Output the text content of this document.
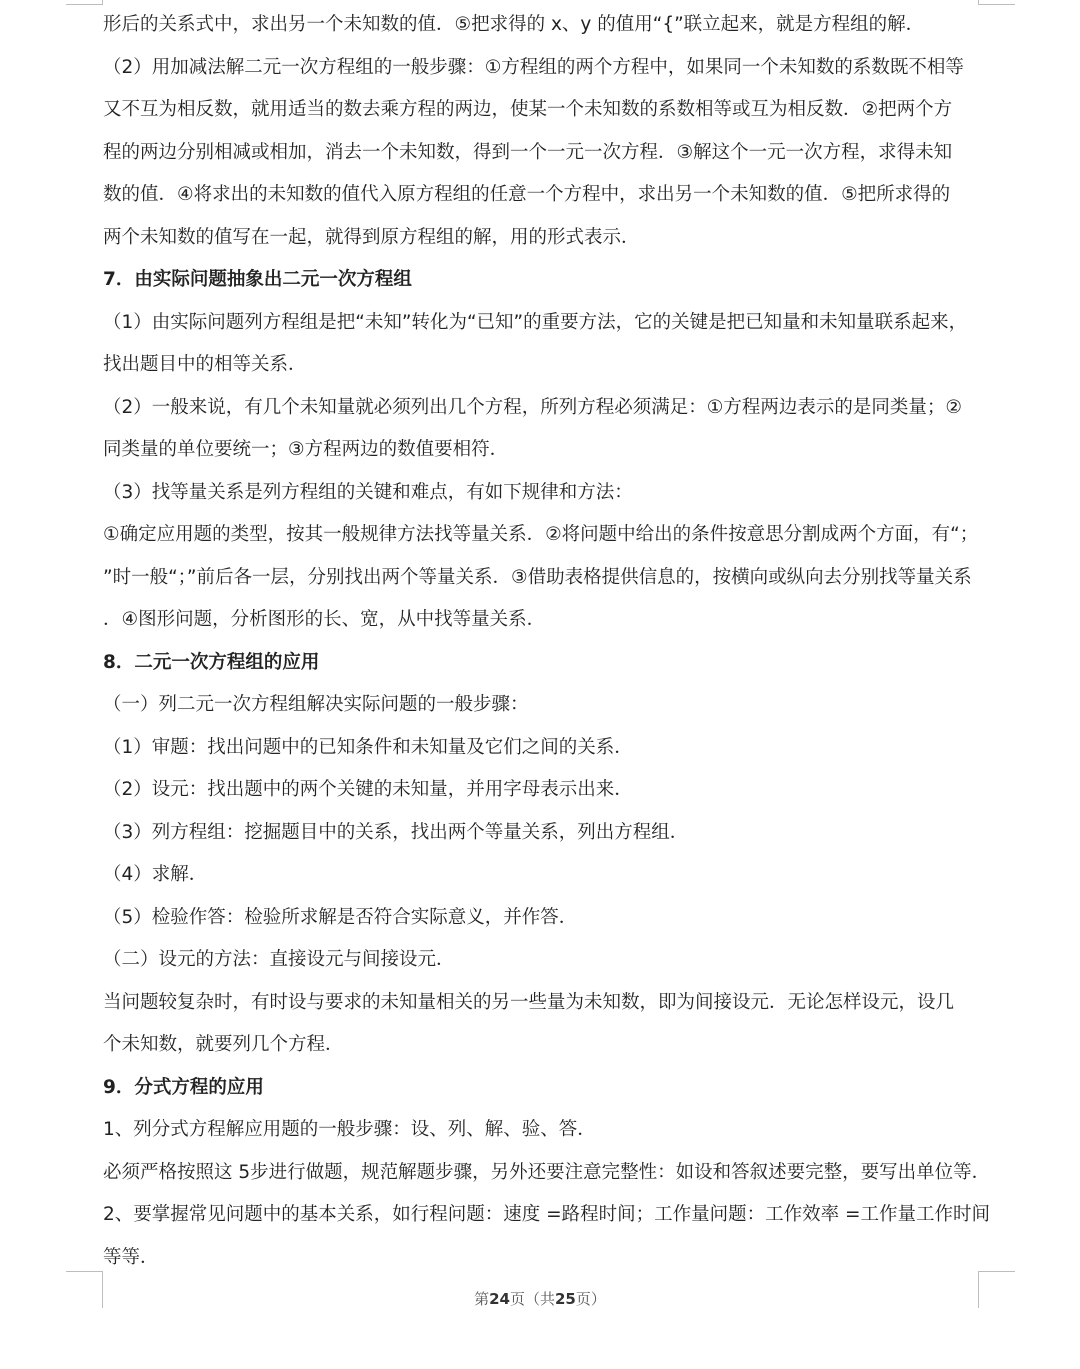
形后的关系式中，求出另一个未知数的值．⑤把求得的 x、y 的值用“{”联立起来，就是方程组的解．

（2）用加减法解二元一次方程组的一般步骤：①方程组的两个方程中，如果同一个未知数的系数既不相等

又不互为相反数，就用适当的数去乘方程的两边，使某一个未知数的系数相等或互为相反数．②把两个方

程的两边分别相减或相加，消去一个未知数，得到一个一元一次方程．③解这个一元一次方程，求得未知

数的值．④将求出的未知数的值代入原方程组的任意一个方程中，求出另一个未知数的值．⑤把所求得的

两个未知数的值写在一起，就得到原方程组的解，用的形式表示．

7．由实际问题抽象出二元一次方程组

（1）由实际问题列方程组是把“未知”转化为“已知”的重要方法，它的关键是把已知量和未知量联系起来，

找出题目中的相等关系．

（2）一般来说，有几个未知量就必须列出几个方程，所列方程必须满足：①方程两边表示的是同类量；②

同类量的单位要统一；③方程两边的数值要相符．

（3）找等量关系是列方程组的关键和难点，有如下规律和方法：

①确定应用题的类型，按其一般规律方法找等量关系．②将问题中给出的条件按意思分割成两个方面，有“；

”时一般“；”前后各一层，分别找出两个等量关系．③借助表格提供信息的，按横向或纵向去分别找等量关系

．④图形问题，分析图形的长、宽，从中找等量关系．

8．二元一次方程组的应用

（一）列二元一次方程组解决实际问题的一般步骤：

（1）审题：找出问题中的已知条件和未知量及它们之间的关系．

（2）设元：找出题中的两个关键的未知量，并用字母表示出来．

（3）列方程组：挖掘题目中的关系，找出两个等量关系，列出方程组．

（4）求解．

（5）检验作答：检验所求解是否符合实际意义，并作答．

（二）设元的方法：直接设元与间接设元．

当问题较复杂时，有时设与要求的未知量相关的另一些量为未知数，即为间接设元．无论怎样设元，设几

个未知数，就要列几个方程．

9．分式方程的应用

1、列分式方程解应用题的一般步骤：设、列、解、验、答．

必须严格按照这 5步进行做题，规范解题步骤，另外还要注意完整性：如设和答叙述要完整，要写出单位等．

2、要掌握常见问题中的基本关系，如行程问题：速度 =路程时间；工作量问题：工作效率 =工作量工作时间

等等．

第24页（共25页）
